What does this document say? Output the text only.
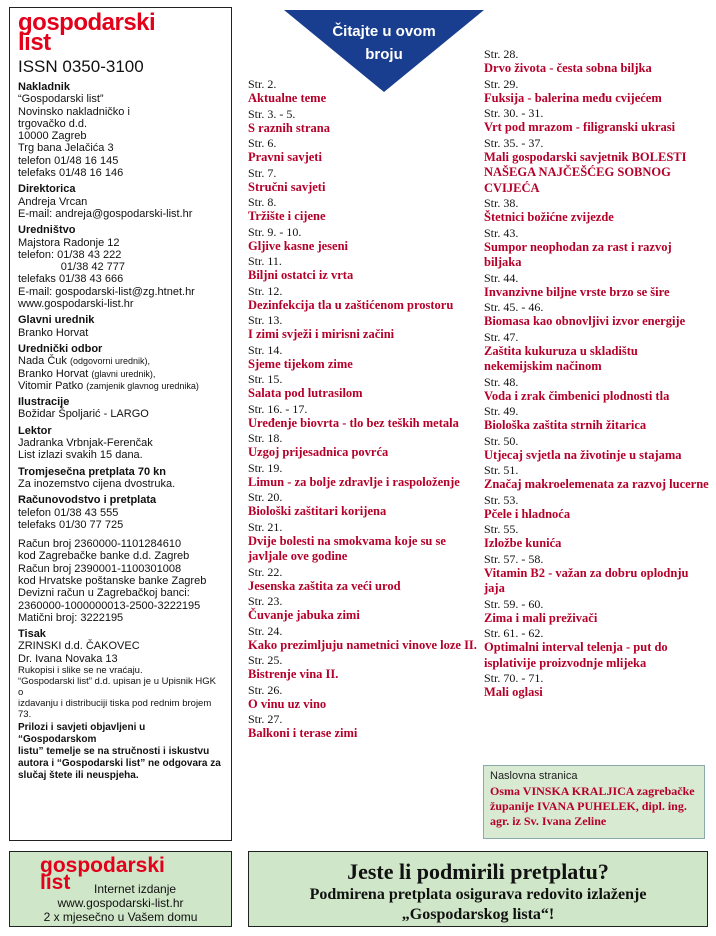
gospodarski
list
ISSN 0350-3100
Nakladnik
“Gospodarski list”
Novinsko nakladničko i
trgovačko d.d.
10000 Zagreb
Trg bana Jelačića 3
telefon 01/48 16 145
telefaks 01/48 16 146
Direktorica
Andreja Vrcan
E-mail: andreja@gospodarski-list.hr
Uredništvo
Majstora Radonje 12
telefon: 01/38 43 222
01/38 42 777
telefaks 01/38 43 666
E-mail: gospodarski-list@zg.htnet.hr
www.gospodarski-list.hr
Glavni urednik
Branko Horvat
Urednički odbor
Nada Čuk (odgovorni urednik),
Branko Horvat (glavni urednik),
Vitomir Patko (zamjenik glavnog urednika)
Ilustracije
Božidar Špoljarić - LARGO
Lektor
Jadranka Vrbnjak-Ferenčak
List izlazi svakih 15 dana.
Tromjesečna pretplata 70 kn
Za inozemstvo cijena dvostruka.
Računovodstvo i pretplata
telefon 01/38 43 555
telefaks 01/30 77 725
Račun broj 2360000-1101284610
kod Zagrebačke banke d.d. Zagreb
Račun broj 2390001-1100301008
kod Hrvatske poštanske banke Zagreb
Devizni račun u Zagrebačkoj banci:
2360000-1000000013-2500-3222195
Matični broj: 3222195
Tisak
ZRINSKI d.d. ČAKOVEC
Dr. Ivana Novaka 13
Rukopisi i slike se ne vraćaju.
“Gospodarski list” d.d. upisan je u Upisnik HGK o
izdavanju i distribuciji tiska pod rednim brojem 73.
Prilozi i savjeti objavljeni u “Gospodarskom
listu” temelje se na stručnosti i iskustvu
autora i “Gospodarski list” ne odgovara za
slučaj štete ili neuspjeha.
Čitajte u ovom
broju
Str. 2.
Aktualne teme
Str. 3. - 5.
S raznih strana
Str. 6.
Pravni savjeti
Str. 7.
Stručni savjeti
Str. 8.
Tržište i cijene
Str. 9. - 10.
Gljive kasne jeseni
Str. 11.
Biljni ostatci iz vrta
Str. 12.
Dezinfekcija tla u zaštićenom prostoru
Str. 13.
I zimi svježi i mirisni začini
Str. 14.
Sjeme tijekom zime
Str. 15.
Salata pod lutrasilom
Str. 16. - 17.
Uređenje biovrta - tlo bez teških metala
Str. 18.
Uzgoj prijesadnica povrća
Str. 19.
Limun - za bolje zdravlje i raspoloženje
Str. 20.
Biološki zaštitari korijena
Str. 21.
Dvije bolesti na smokvama koje su se javljale ove godine
Str. 22.
Jesenska zaštita za veći urod
Str. 23.
Čuvanje jabuka zimi
Str. 24.
Kako prezimljuju nametnici vinove loze II.
Str. 25.
Bistrenje vina II.
Str. 26.
O vinu uz vino
Str. 27.
Balkoni i terase zimi
Str. 28.
Drvo života - česta sobna biljka
Str. 29.
Fuksija - balerina među cvijećem
Str. 30. - 31.
Vrt pod mrazom - filigranski ukrasi
Str. 35. - 37.
Mali gospodarski savjetnik BOLESTI NAŠEGA NAJČEŠĆEG SOBNOG CVIJEĆA
Str. 38.
Štetnici božićne zvijezde
Str. 43.
Sumpor neophodan za rast i razvoj biljaka
Str. 44.
Invanzivne biljne vrste brzo se šire
Str. 45. - 46.
Biomasa kao obnovljivi izvor energije
Str. 47.
Zaštita kukuruza u skladištu nekemijskim načinom
Str. 48.
Voda i zrak čimbenici plodnosti tla
Str. 49.
Biološka zaštita strnih žitarica
Str. 50.
Utjecaj svjetla na životinje u stajama
Str. 51.
Značaj makroelemenata za razvoj lucerne
Str. 53.
Pčele i hladnoća
Str. 55.
Izložbe kunića
Str. 57. - 58.
Vitamin B2 - važan za dobru oplodnju jaja
Str. 59. - 60.
Zima i mali preživači
Str. 61. - 62.
Optimalni interval telenja - put do isplativije proizvodnje mlijeka
Str. 70. - 71.
Mali oglasi
Naslovna stranica
Osma VINSKA KRALJICA zagrebačke županije IVANA PUHELEK, dipl. ing. agr. iz Sv. Ivana Zeline
gospodarski
list	Internet izdanje
www.gospodarski-list.hr
2 x mjesečno u Vašem domu
Jeste li podmirili pretplatu?
Podmirena pretplata osigurava redovito izlaženje
„Gospodarskog lista“!
